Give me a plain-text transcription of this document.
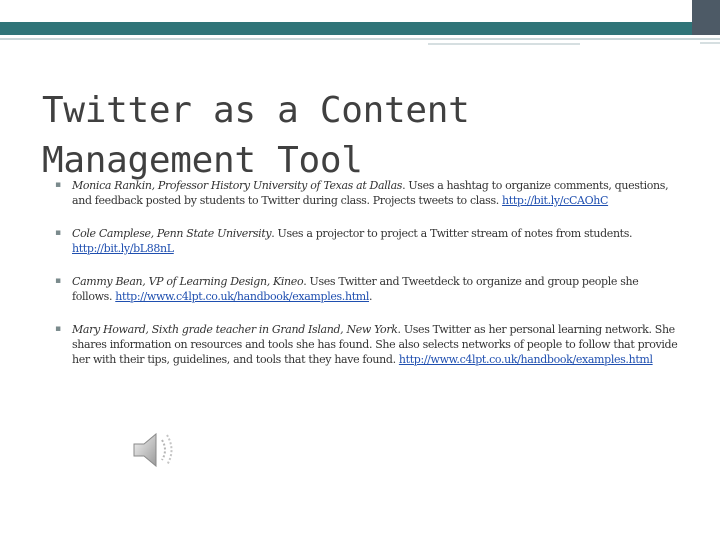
Twitter as a Content Management Tool
▪ Monica Rankin, Professor History University of Texas at Dallas. Uses a hashtag to organize comments, questions, and feedback posted by students to Twitter during class. Projects tweets to class. http://bit.ly/cCAOhC
▪ Cole Camplese, Penn State University. Uses a projector to project a Twitter stream of notes from students. http://bit.ly/bL88nL
▪ Cammy Bean, VP of Learning Design, Kineo. Uses Twitter and Tweetdeck to organize and group people she follows. http://www.c4lpt.co.uk/handbook/examples.html.
▪ Mary Howard, Sixth grade teacher in Grand Island, New York. Uses Twitter as her personal learning network. She shares information on resources and tools she has found. She also selects networks of people to follow that provide her with their tips, guidelines, and tools that they have found. http://www.c4lpt.co.uk/handbook/examples.html
